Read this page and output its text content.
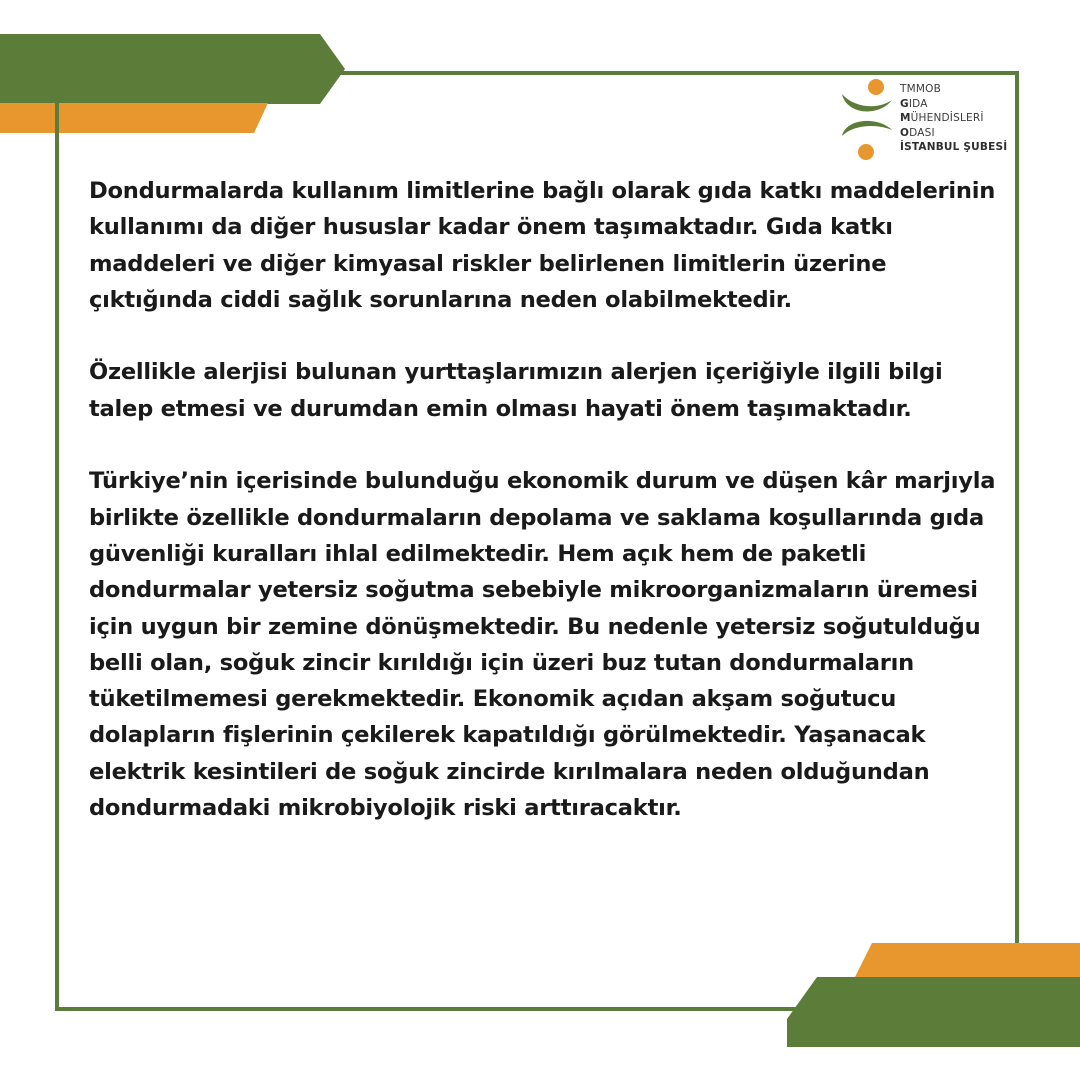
TMMOB
GIDA
MÜHENDİSLERİ
ODASI
İSTANBUL ŞUBESİ

Dondurmalarda kullanım limitlerine bağlı olarak gıda katkı maddelerinin kullanımı da diğer hususlar kadar önem taşımaktadır. Gıda katkı maddeleri ve diğer kimyasal riskler belirlenen limitlerin üzerine çıktığında ciddi sağlık sorunlarına neden olabilmektedir.

Özellikle alerjisi bulunan yurttaşlarımızın alerjen içeriğiyle ilgili bilgi talep etmesi ve durumdan emin olması hayati önem taşımaktadır.

Türkiye’nin içerisinde bulunduğu ekonomik durum ve düşen kâr marjıyla birlikte özellikle dondurmaların depolama ve saklama koşullarında gıda güvenliği kuralları ihlal edilmektedir. Hem açık hem de paketli dondurmalar yetersiz soğutma sebebiyle mikroorganizmaların üremesi için uygun bir zemine dönüşmektedir. Bu nedenle yetersiz soğutulduğu belli olan, soğuk zincir kırıldığı için üzeri buz tutan dondurmaların tüketilmemesi gerekmektedir. Ekonomik açıdan akşam soğutucu dolapların fişlerinin çekilerek kapatıldığı görülmektedir. Yaşanacak elektrik kesintileri de soğuk zincirde kırılmalara neden olduğundan dondurmadaki mikrobiyolojik riski arttıracaktır.
